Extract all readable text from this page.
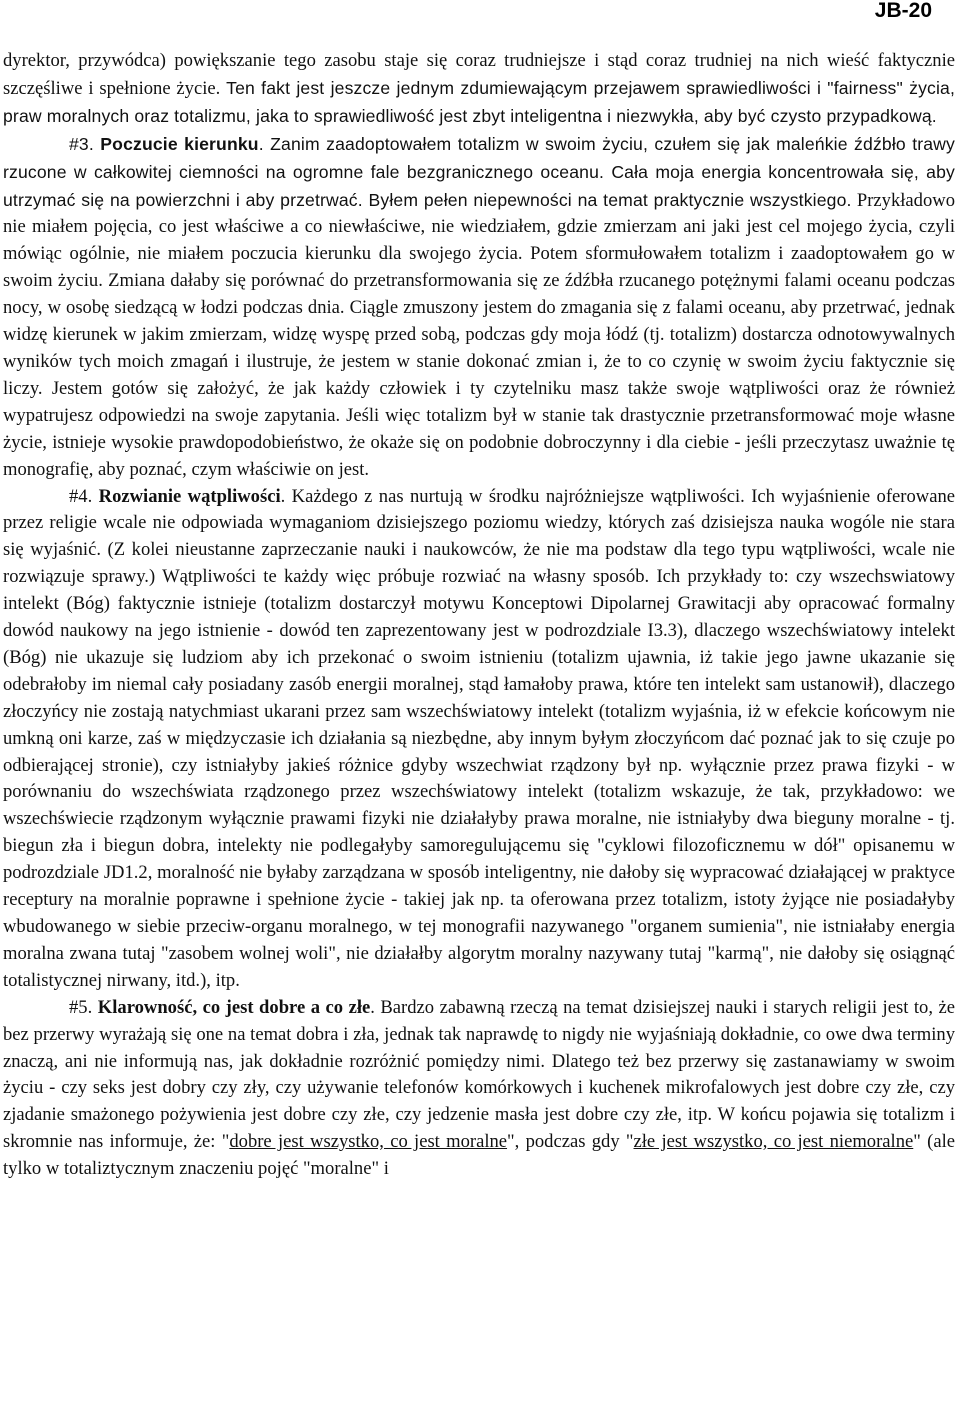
JB-20

dyrektor, przywódca) powiększanie tego zasobu staje się coraz trudniejsze i stąd coraz trudniej na nich wieść faktycznie szczęśliwe i spełnione życie. Ten fakt jest jeszcze jednym zdumiewającym przejawem sprawiedliwości i "fairness" życia, praw moralnych oraz totalizmu, jaka to sprawiedliwość jest zbyt inteligentna i niezwykła, aby być czysto przypadkową.

#3. Poczucie kierunku. Zanim zaadoptowałem totalizm w swoim życiu, czułem się jak maleńkie źdźbło trawy rzucone w całkowitej ciemności na ogromne fale bezgranicznego oceanu. Cała moja energia koncentrowała się, aby utrzymać się na powierzchni i aby przetrwać. Byłem pełen niepewności na temat praktycznie wszystkiego. Przykładowo nie miałem pojęcia, co jest właściwe a co niewłaściwe, nie wiedziałem, gdzie zmierzam ani jaki jest cel mojego życia, czyli mówiąc ogólnie, nie miałem poczucia kierunku dla swojego życia. Potem sformułowałem totalizm i zaadoptowałem go w swoim życiu. Zmiana dałaby się porównać do przetransformowania się ze źdźbła rzucanego potężnymi falami oceanu podczas nocy, w osobę siedzącą w łodzi podczas dnia. Ciągle zmuszony jestem do zmagania się z falami oceanu, aby przetrwać, jednak widzę kierunek w jakim zmierzam, widzę wyspę przed sobą, podczas gdy moja łódź (tj. totalizm) dostarcza odnotowywalnych wyników tych moich zmagań i ilustruje, że jestem w stanie dokonać zmian i, że to co czynię w swoim życiu faktycznie się liczy. Jestem gotów się założyć, że jak każdy człowiek i ty czytelniku masz także swoje wątpliwości oraz że również wypatrujesz odpowiedzi na swoje zapytania. Jeśli więc totalizm był w stanie tak drastycznie przetransformować moje własne życie, istnieje wysokie prawdopodobieństwo, że okaże się on podobnie dobroczynny i dla ciebie - jeśli przeczytasz uważnie tę monografię, aby poznać, czym właściwie on jest.

#4. Rozwianie wątpliwości. Każdego z nas nurtują w środku najróżniejsze wątpliwości. Ich wyjaśnienie oferowane przez religie wcale nie odpowiada wymaganiom dzisiejszego poziomu wiedzy, których zaś dzisiejsza nauka wogóle nie stara się wyjaśnić. (Z kolei nieustanne zaprzeczanie nauki i naukowców, że nie ma podstaw dla tego typu wątpliwości, wcale nie rozwiązuje sprawy.) Wątpliwości te każdy więc próbuje rozwiać na własny sposób. Ich przykłady to: czy wszechswiatowy intelekt (Bóg) faktycznie istnieje (totalizm dostarczył motywu Konceptowi Dipolarnej Grawitacji aby opracować formalny dowód naukowy na jego istnienie - dowód ten zaprezentowany jest w podrozdziale I3.3), dlaczego wszechświatowy intelekt (Bóg) nie ukazuje się ludziom aby ich przekonać o swoim istnieniu (totalizm ujawnia, iż takie jego jawne ukazanie się odebrałoby im niemal cały posiadany zasób energii moralnej, stąd łamałoby prawa, które ten intelekt sam ustanowił), dlaczego złoczyńcy nie zostają natychmiast ukarani przez sam wszechświatowy intelekt (totalizm wyjaśnia, iż w efekcie końcowym nie umkną oni karze, zaś w międzyczasie ich działania są niezbędne, aby innym byłym złoczyńcom dać poznać jak to się czuje po odbierającej stronie), czy istniałyby jakieś różnice gdyby wszechwiat rządzony był np. wyłącznie przez prawa fizyki - w porównaniu do wszechświata rządzonego przez wszechświatowy intelekt (totalizm wskazuje, że tak, przykładowo: we wszechświecie rządzonym wyłącznie prawami fizyki nie działałyby prawa moralne, nie istniałyby dwa bieguny moralne - tj. biegun zła i biegun dobra, intelekty nie podlegałyby samoregulującemu się "cyklowi filozoficznemu w dół" opisanemu w podrozdziale JD1.2, moralność nie byłaby zarządzana w sposób inteligentny, nie dałoby się wypracować działającej w praktyce receptury na moralnie poprawne i spełnione życie - takiej jak np. ta oferowana przez totalizm, istoty żyjące nie posiadałyby wbudowanego w siebie przeciw-organu moralnego, w tej monografii nazywanego "organem sumienia", nie istniałaby energia moralna zwana tutaj "zasobem wolnej woli", nie działałby algorytm moralny nazywany tutaj "karmą", nie dałoby się osiągnąć totalistycznej nirwany, itd.), itp.

#5. Klarowność, co jest dobre a co złe. Bardzo zabawną rzeczą na temat dzisiejszej nauki i starych religii jest to, że bez przerwy wyrażają się one na temat dobra i zła, jednak tak naprawdę to nigdy nie wyjaśniają dokładnie, co owe dwa terminy znaczą, ani nie informują nas, jak dokładnie rozróżnić pomiędzy nimi. Dlatego też bez przerwy się zastanawiamy w swoim życiu - czy seks jest dobry czy zły, czy używanie telefonów komórkowych i kuchenek mikrofalowych jest dobre czy złe, czy zjadanie smażonego pożywienia jest dobre czy złe, czy jedzenie masła jest dobre czy złe, itp. W końcu pojawia się totalizm i skromnie nas informuje, że: "dobre jest wszystko, co jest moralne", podczas gdy "złe jest wszystko, co jest niemoralne" (ale tylko w totaliztycznym znaczeniu pojęć "moralne" i
